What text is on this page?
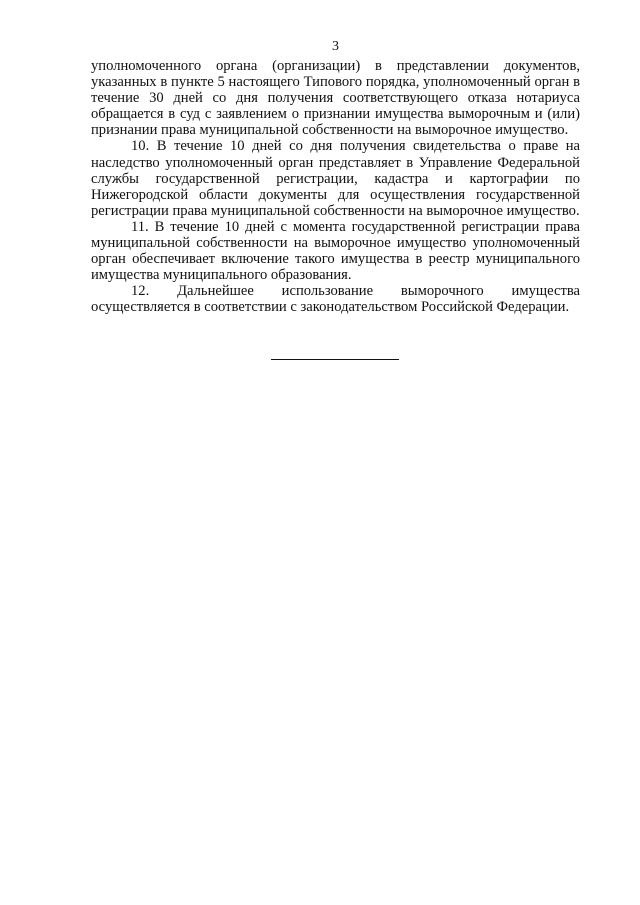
3

уполномоченного органа (организации) в представлении документов, указанных в пункте 5 настоящего Типового порядка, уполномоченный орган в течение 30 дней со дня получения соответствующего отказа нотариуса обращается в суд с заявлением о признании имущества выморочным и (или) признании права муниципальной собственности на выморочное имущество.

10. В течение 10 дней со дня получения свидетельства о праве на наследство уполномоченный орган представляет в Управление Федеральной службы государственной регистрации, кадастра и картографии по Нижегородской области документы для осуществления государственной регистрации права муниципальной собственности на выморочное имущество.

11. В течение 10 дней с момента государственной регистрации права муниципальной собственности на выморочное имущество уполномоченный орган обеспечивает включение такого имущества в реестр муниципального имущества муниципального образования.

12. Дальнейшее использование выморочного имущества осуществляется в соответствии с законодательством Российской Федерации.
